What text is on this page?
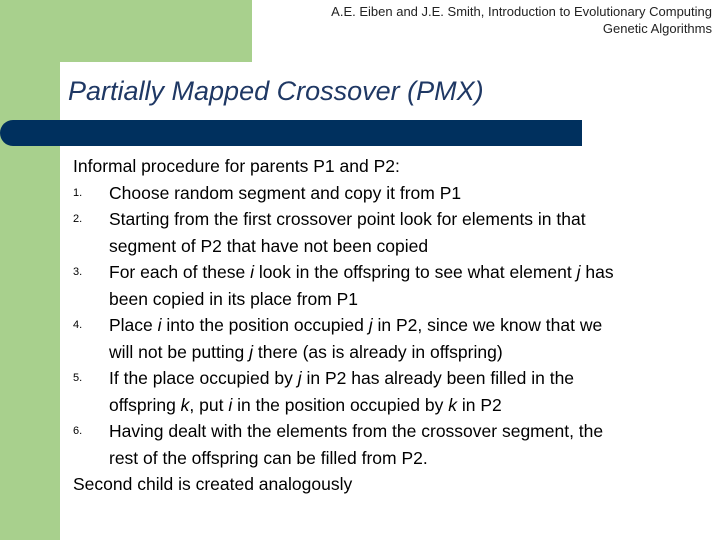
A.E. Eiben and J.E. Smith, Introduction to Evolutionary Computing
Genetic Algorithms
Partially Mapped Crossover (PMX)
Informal procedure for parents P1 and P2:
1. Choose random segment and copy it from P1
2. Starting from the first crossover point look for elements in that
segment of P2 that have not been copied
3. For each of these i look in the offspring to see what element j has
been copied in its place from P1
4. Place i into the position occupied j in P2, since we know that we
will not be putting j there (as is already in offspring)
5. If the place occupied by j in P2 has already been filled in the
offspring k, put i in the position occupied by k in P2
6. Having dealt with the elements from the crossover segment, the
rest of the offspring can be filled from P2.
Second child is created analogously
